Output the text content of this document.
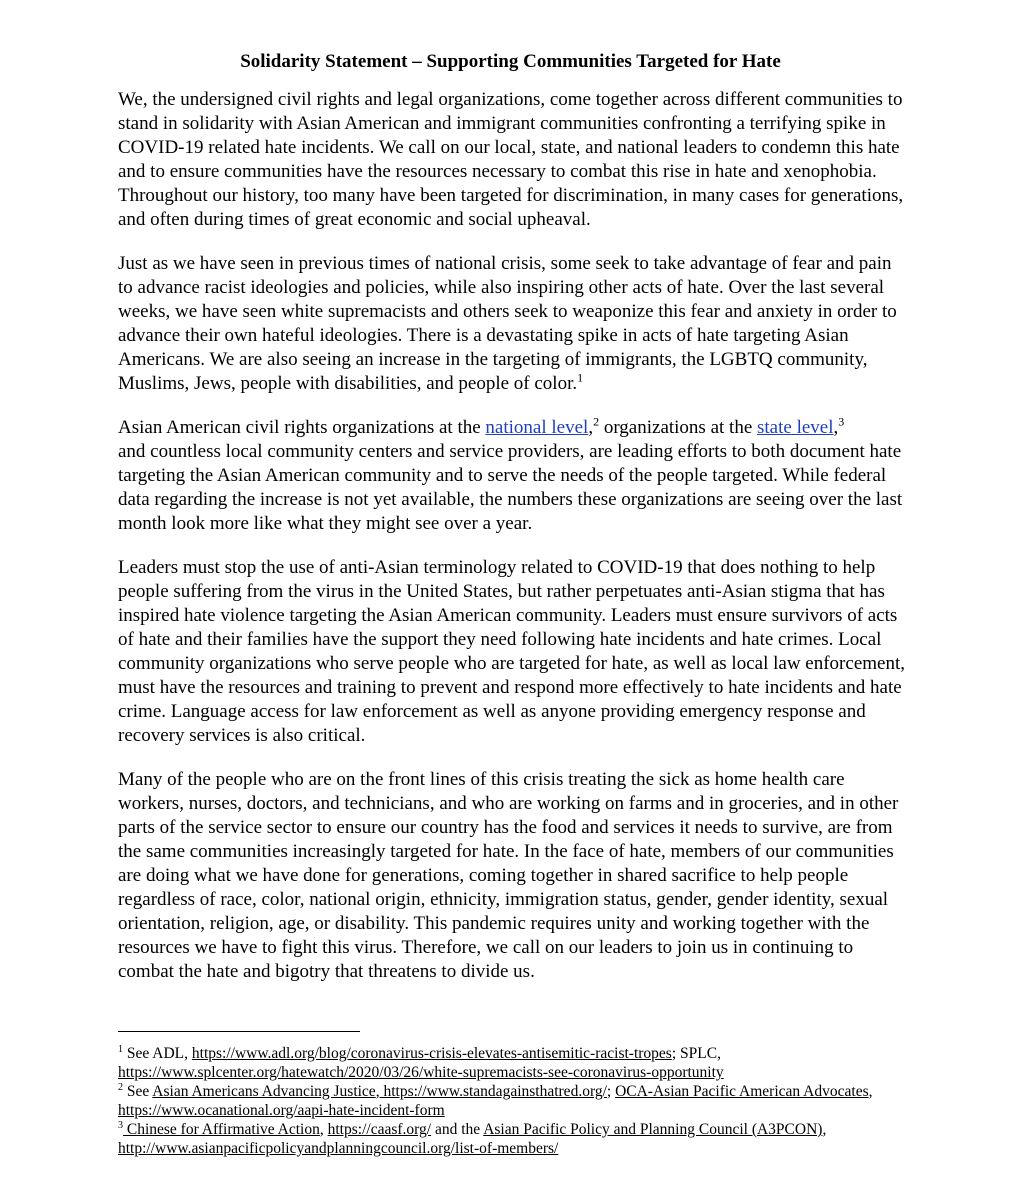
Solidarity Statement – Supporting Communities Targeted for Hate

We, the undersigned civil rights and legal organizations, come together across different communities to stand in solidarity with Asian American and immigrant communities confronting a terrifying spike in COVID-19 related hate incidents. We call on our local, state, and national leaders to condemn this hate and to ensure communities have the resources necessary to combat this rise in hate and xenophobia. Throughout our history, too many have been targeted for discrimination, in many cases for generations, and often during times of great economic and social upheaval.

Just as we have seen in previous times of national crisis, some seek to take advantage of fear and pain to advance racist ideologies and policies, while also inspiring other acts of hate. Over the last several weeks, we have seen white supremacists and others seek to weaponize this fear and anxiety in order to advance their own hateful ideologies. There is a devastating spike in acts of hate targeting Asian Americans. We are also seeing an increase in the targeting of immigrants, the LGBTQ community, Muslims, Jews, people with disabilities, and people of color.$^1$

Asian American civil rights organizations at the national level,$^2$ organizations at the state level,$^3$
and countless local community centers and service providers, are leading efforts to both document hate targeting the Asian American community and to serve the needs of the people targeted. While federal data regarding the increase is not yet available, the numbers these organizations are seeing over the last month look more like what they might see over a year.

Leaders must stop the use of anti-Asian terminology related to COVID-19 that does nothing to help people suffering from the virus in the United States, but rather perpetuates anti-Asian stigma that has inspired hate violence targeting the Asian American community. Leaders must ensure survivors of acts of hate and their families have the support they need following hate incidents and hate crimes. Local community organizations who serve people who are targeted for hate, as well as local law enforcement, must have the resources and training to prevent and respond more effectively to hate incidents and hate crime. Language access for law enforcement as well as anyone providing emergency response and recovery services is also critical.

Many of the people who are on the front lines of this crisis treating the sick as home health care workers, nurses, doctors, and technicians, and who are working on farms and in groceries, and in other parts of the service sector to ensure our country has the food and services it needs to survive, are from the same communities increasingly targeted for hate. In the face of hate, members of our communities are doing what we have done for generations, coming together in shared sacrifice to help people regardless of race, color, national origin, ethnicity, immigration status, gender, gender identity, sexual orientation, religion, age, or disability. This pandemic requires unity and working together with the resources we have to fight this virus. Therefore, we call on our leaders to join us in continuing to combat the hate and bigotry that threatens to divide us.

$^1$ See ADL, https://www.adl.org/blog/coronavirus-crisis-elevates-antisemitic-racist-tropes; SPLC,
https://www.splcenter.org/hatewatch/2020/03/26/white-supremacists-see-coronavirus-opportunity

$^2$ See Asian Americans Advancing Justice, https://www.standagainsthatred.org/; OCA-Asian Pacific American Advocates, https://www.ocanational.org/aapi-hate-incident-form

$^3$ Chinese for Affirmative Action, https://caasf.org/ and the Asian Pacific Policy and Planning Council (A3PCON),
http://www.asianpacificpolicyandplanningcouncil.org/list-of-members/
